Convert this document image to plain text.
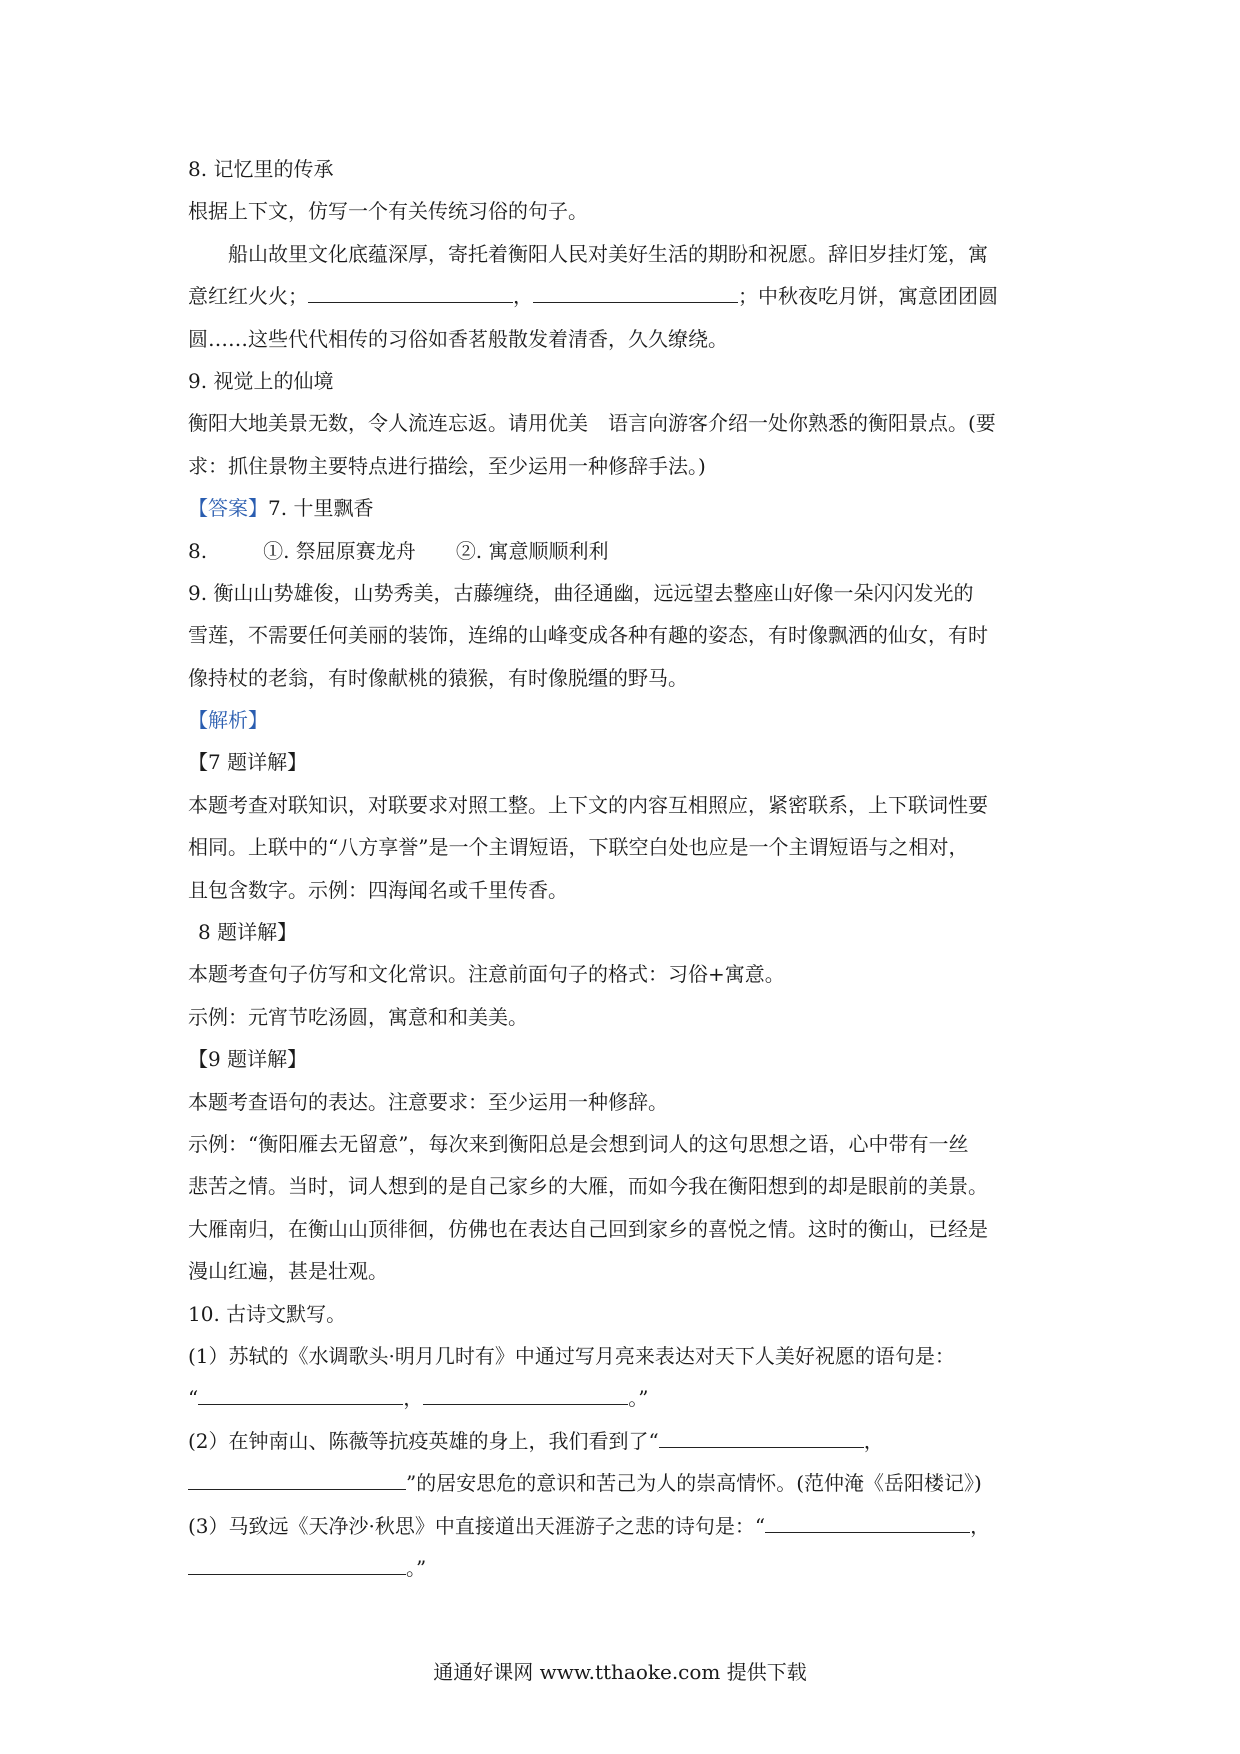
8. 记忆里的传承
根据上下文，仿写一个有关传统习俗的句子。
船山故里文化底蕴深厚，寄托着衡阳人民对美好生活的期盼和祝愿。辞旧岁挂灯笼，寓
意红红火火；	，	；中秋夜吃月饼，寓意团团圆
圆……这些代代相传的习俗如香茗般散发着清香，久久缭绕。
9. 视觉上的仙境
衡阳大地美景无数，令人流连忘返。请用优美　语言向游客介绍一处你熟悉的衡阳景点。(要
求：抓住景物主要特点进行描绘，至少运用一种修辞手法。)
【答案】7. 十里飘香
8.	①. 祭屈原赛龙舟 ②. 寓意顺顺利利
9. 衡山山势雄俊，山势秀美，古藤缠绕，曲径通幽，远远望去整座山好像一朵闪闪发光的
雪莲，不需要任何美丽的装饰，连绵的山峰变成各种有趣的姿态，有时像飘洒的仙女，有时
像持杖的老翁，有时像献桃的猿猴，有时像脱缰的野马。
【解析】
【7 题详解】
本题考查对联知识，对联要求对照工整。上下文的内容互相照应，紧密联系，上下联词性要
相同。上联中的“八方享誉”是一个主谓短语，下联空白处也应是一个主谓短语与之相对，
且包含数字。示例：四海闻名或千里传香。
8 题详解】
本题考查句子仿写和文化常识。注意前面句子的格式：习俗+寓意。
示例：元宵节吃汤圆，寓意和和美美。
【9 题详解】
本题考查语句的表达。注意要求：至少运用一种修辞。
示例：“衡阳雁去无留意”，每次来到衡阳总是会想到词人的这句思想之语，心中带有一丝
悲苦之情。当时，词人想到的是自己家乡的大雁，而如今我在衡阳想到的却是眼前的美景。
大雁南归，在衡山山顶徘徊，仿佛也在表达自己回到家乡的喜悦之情。这时的衡山，已经是
漫山红遍，甚是壮观。
10. 古诗文默写。
(1）苏轼的《水调歌头·明月几时有》中通过写月亮来表达对天下人美好祝愿的语句是：
“	，	。”
(2）在钟南山、陈薇等抗疫英雄的身上，我们看到了“	，
”的居安思危的意识和苦己为人的崇高情怀。(范仲淹《岳阳楼记》)
(3）马致远《天净沙·秋思》中直接道出天涯游子之悲的诗句是：“	，
。”
通通好课网 www.tthaoke.com 提供下载
